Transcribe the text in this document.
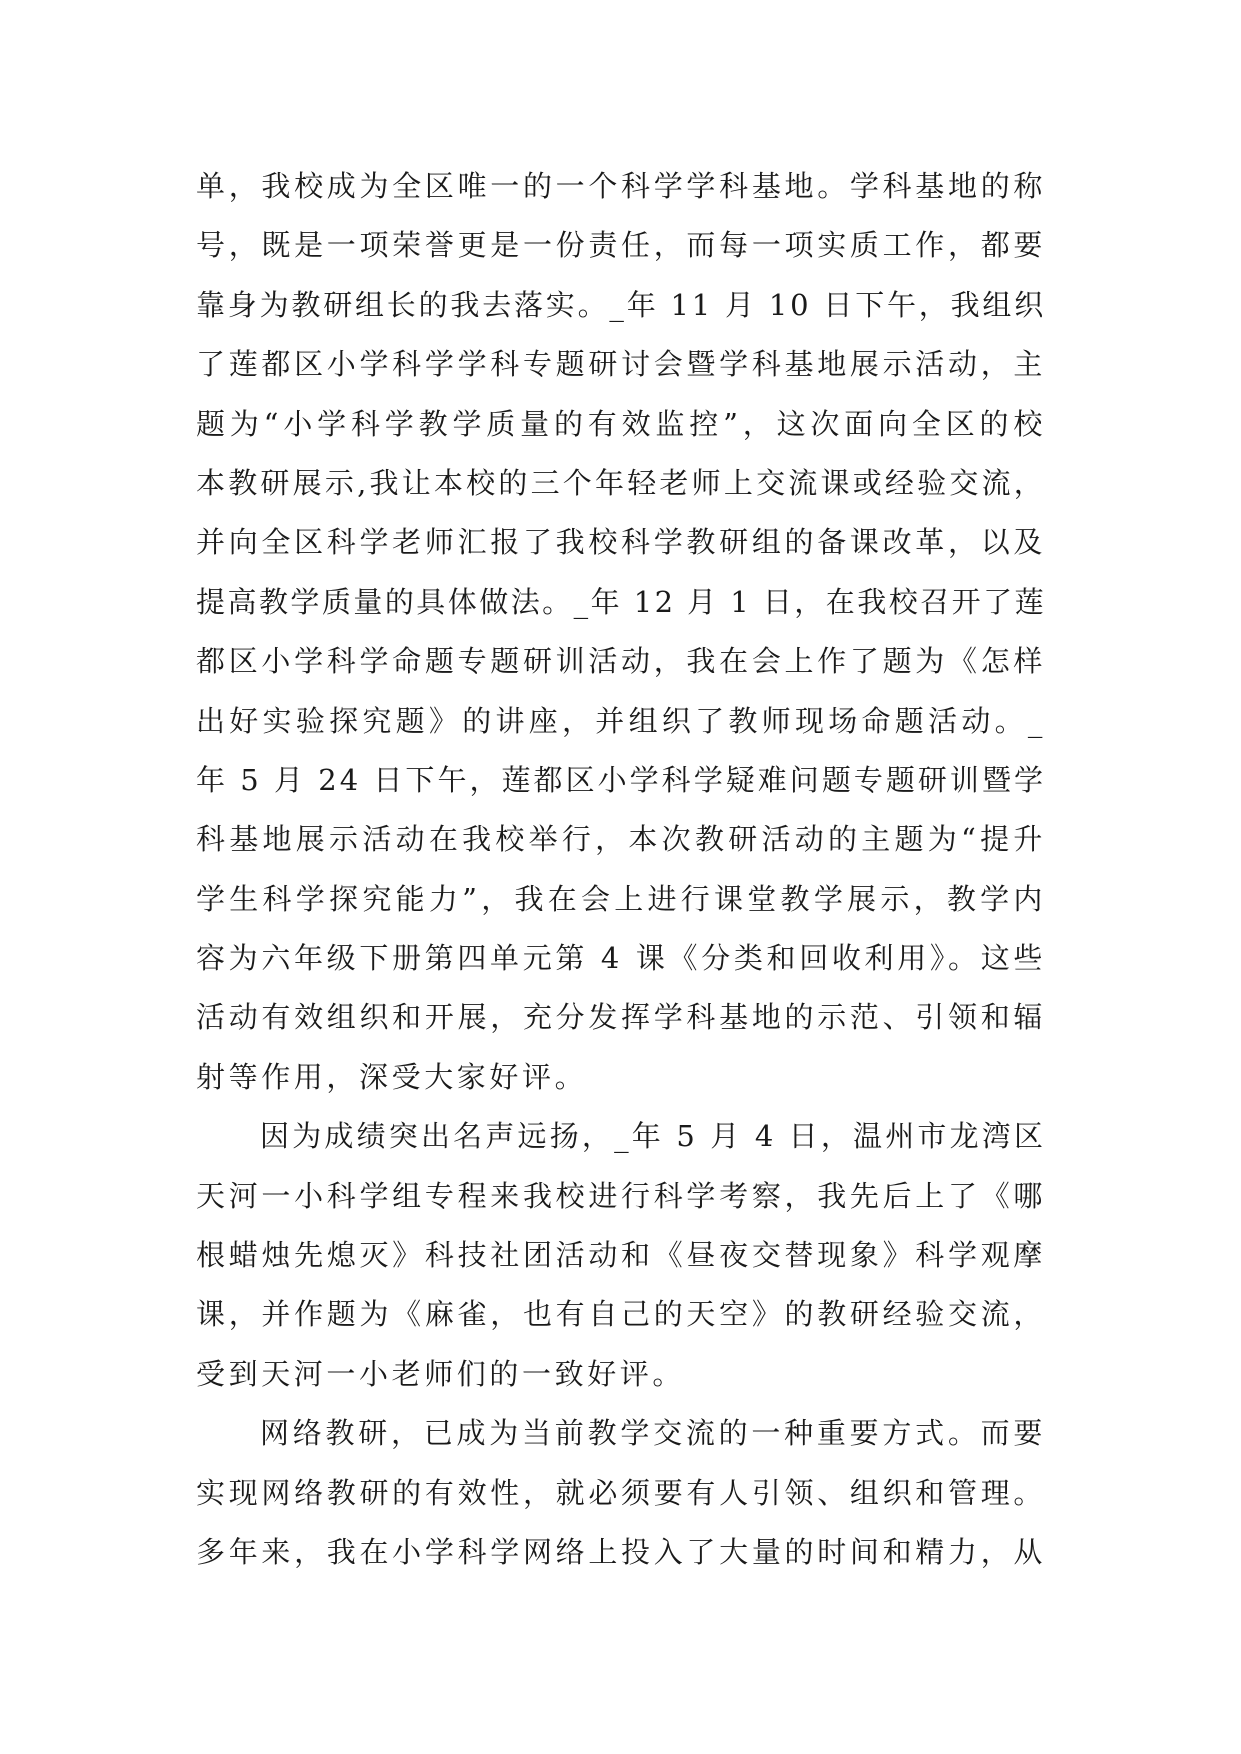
单，我校成为全区唯一的一个科学学科基地。学科基地的称
号，既是一项荣誉更是一份责任，而每一项实质工作，都要
靠身为教研组长的我去落实。_年 11 月 10 日下午，我组织
了莲都区小学科学学科专题研讨会暨学科基地展示活动，主
题为“小学科学教学质量的有效监控”，这次面向全区的校
本教研展示,我让本校的三个年轻老师上交流课或经验交流，
并向全区科学老师汇报了我校科学教研组的备课改革，以及
提高教学质量的具体做法。_年 12 月 1 日，在我校召开了莲
都区小学科学命题专题研训活动，我在会上作了题为《怎样
出好实验探究题》的讲座，并组织了教师现场命题活动。_
年 5 月 24 日下午，莲都区小学科学疑难问题专题研训暨学
科基地展示活动在我校举行，本次教研活动的主题为“提升
学生科学探究能力”，我在会上进行课堂教学展示，教学内
容为六年级下册第四单元第 4 课《分类和回收利用》。这些
活动有效组织和开展，充分发挥学科基地的示范、引领和辐
射等作用，深受大家好评。
因为成绩突出名声远扬，_年 5 月 4 日，温州市龙湾区
天河一小科学组专程来我校进行科学考察，我先后上了《哪
根蜡烛先熄灭》科技社团活动和《昼夜交替现象》科学观摩
课，并作题为《麻雀，也有自己的天空》的教研经验交流，
受到天河一小老师们的一致好评。
网络教研，已成为当前教学交流的一种重要方式。而要
实现网络教研的有效性，就必须要有人引领、组织和管理。
多年来，我在小学科学网络上投入了大量的时间和精力，从
